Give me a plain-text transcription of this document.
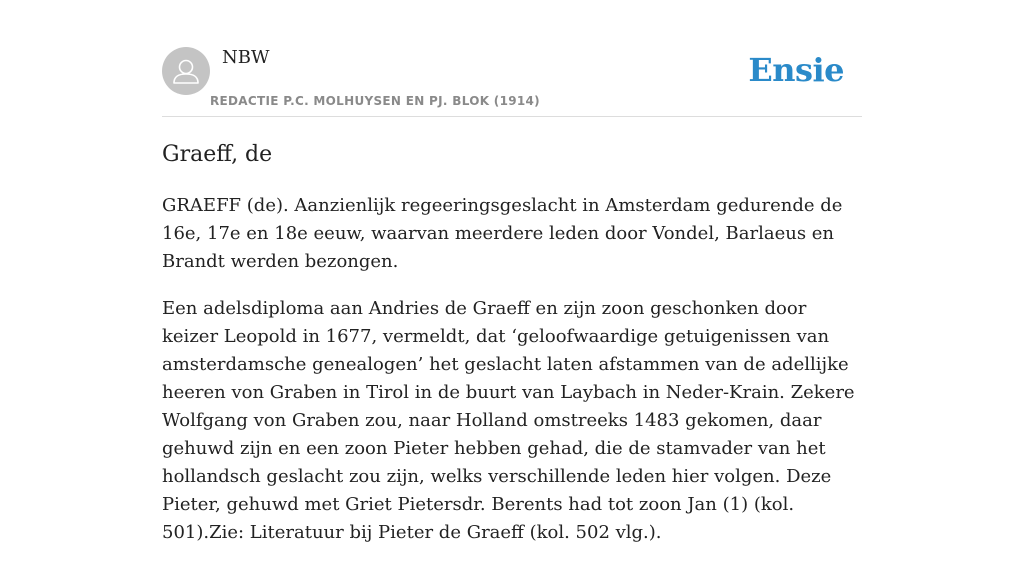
NBW
REDACTIE P.C. MOLHUYSEN EN PJ. BLOK (1914)
Ensie
Graeff, de

GRAEFF (de). Aanzienlijk regeeringsgeslacht in Amsterdam gedurende de 16e, 17e en 18e eeuw, waarvan meerdere leden door Vondel, Barlaeus en Brandt werden bezongen.

Een adelsdiploma aan Andries de Graeff en zijn zoon geschonken door keizer Leopold in 1677, vermeldt, dat ‘geloofwaardige getuigenissen van amsterdamsche genealogen’ het geslacht laten afstammen van de adellijke heeren von Graben in Tirol in de buurt van Laybach in Neder-Krain. Zekere Wolfgang von Graben zou, naar Holland omstreeks 1483 gekomen, daar gehuwd zijn en een zoon Pieter hebben gehad, die de stamvader van het hollandsch geslacht zou zijn, welks verschillende leden hier volgen. Deze Pieter, gehuwd met Griet Pietersdr. Berents had tot zoon Jan (1) (kol. 501).Zie: Literatuur bij Pieter de Graeff (kol. 502 vlg.).
